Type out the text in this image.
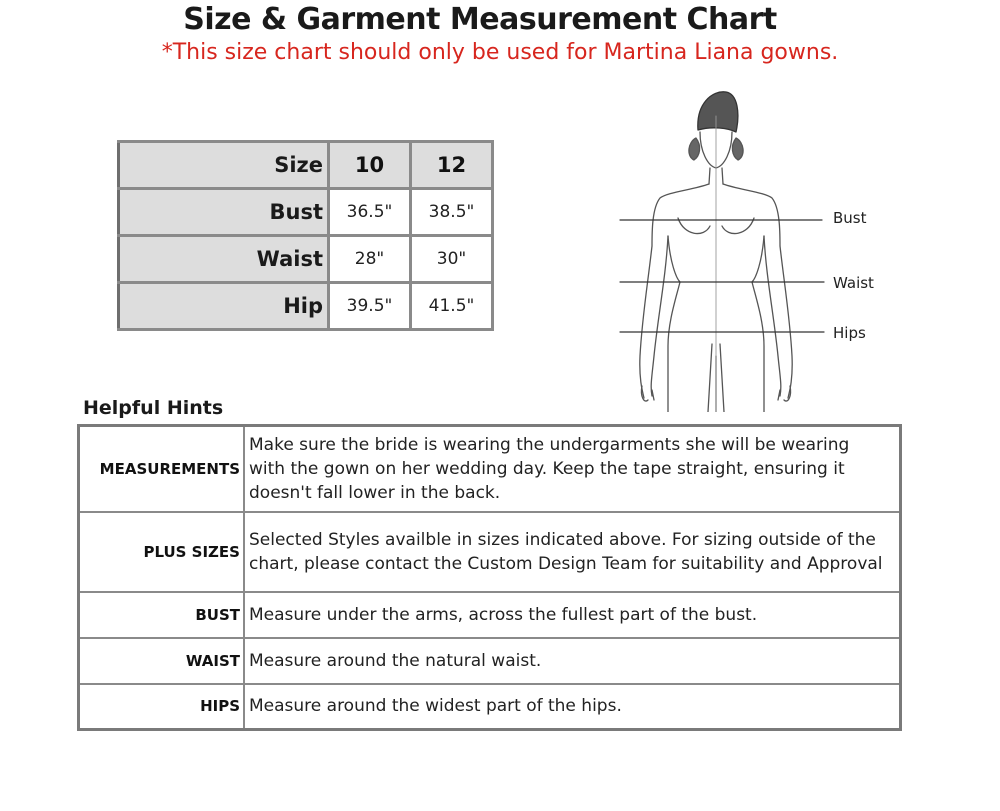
Size & Garment Measurement Chart
*This size chart should only be used for Martina Liana gowns.
Size	10	12
Bust	36.5"	38.5"
Waist	28"	30"
Hip	39.5"	41.5"
Bust
Waist
Hips
Helpful Hints
MEASUREMENTS	Make sure the bride is wearing the undergarments she will be wearing with the gown on her wedding day. Keep the tape straight, ensuring it doesn't fall lower in the back.
PLUS SIZES	Selected Styles availble in sizes indicated above. For sizing outside of the chart, please contact the Custom Design Team for suitability and Approval
BUST	Measure under the arms, across the fullest part of the bust.
WAIST	Measure around the natural waist.
HIPS	Measure around the widest part of the hips.
